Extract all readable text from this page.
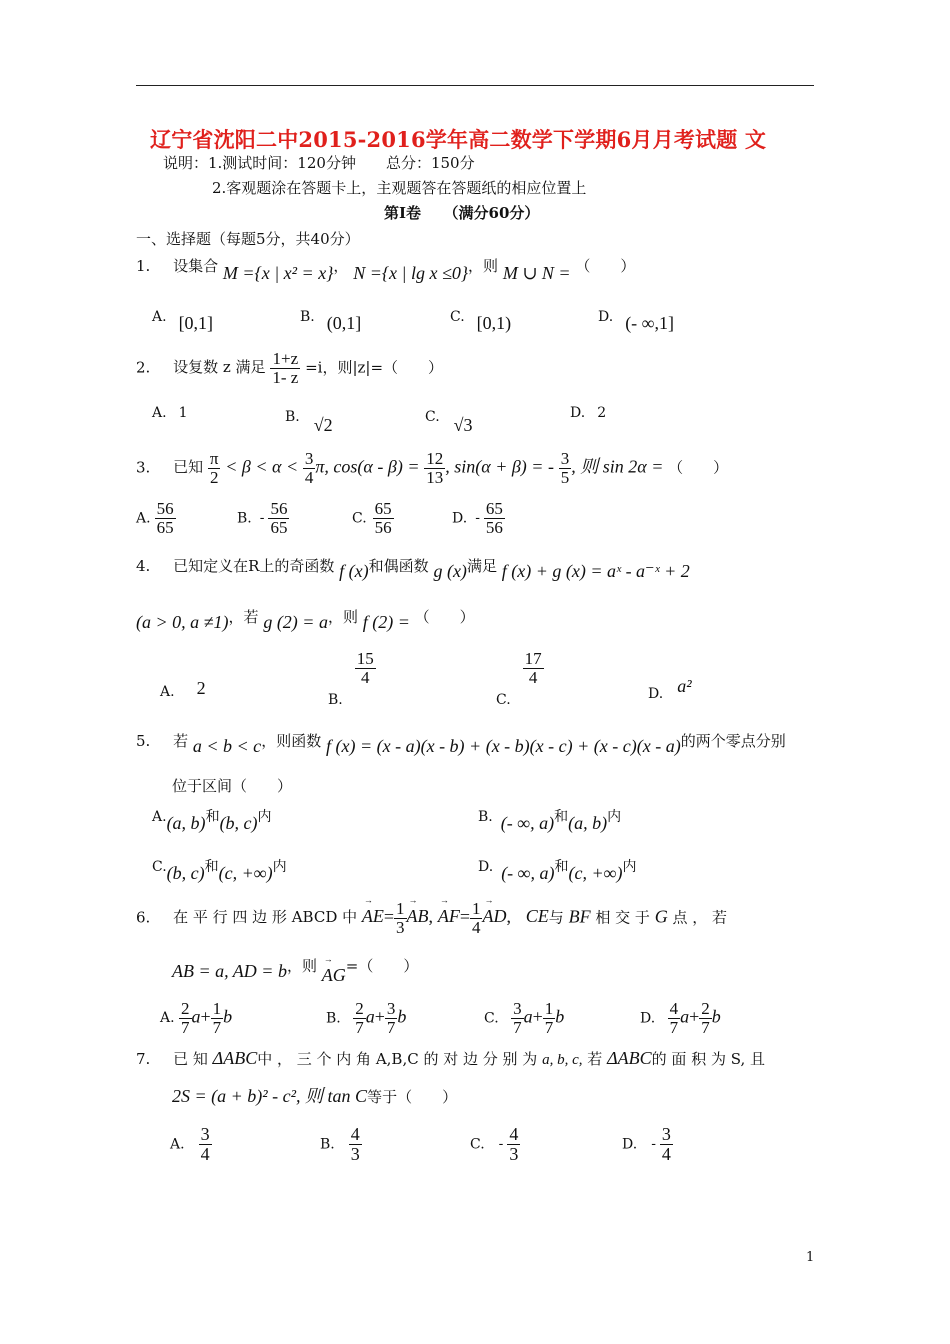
辽宁省沈阳二中2015-2016学年高二数学下学期6月月考试题 文
说明：1.测试时间：120分钟　　总分：150分
2.客观题涂在答题卡上，主观题答在答题纸的相应位置上
第Ⅰ卷　　（满分60分）
一、选择题（每题5分，共40分）
1. 设集合 M ={x | x² = x}， N ={x | lg x ≤0}，则 M ∪ N = （　　）
A. [0,1]	B. (0,1]	C. [0,1)	D. (- ∞,1]
2. 设复数 z 满足 $\frac{1+z}{1- z} =i$，则|z|=（　　）
A. 1	B. √2	C. √3
D. 2
3. 已知 $\frac{\pi}{2} < \beta < \alpha < \frac{3}{4} \pi$, $\cos(\alpha - \beta) = \frac{12}{13}$ , sin(α + β) = - $\frac{3}{5}$ , 则 sin 2α = （　　）
A. $\frac{56}{65}$	B. - $\frac{56}{65}$	C. $\frac{65}{56}$	D. - $\frac{65}{56}$
4. 已知定义在R上的奇函数 f (x)和偶函数 g (x)满足 f (x) + g (x) = aˣ - a⁻ˣ + 2
(a > 0, a ≠1)，若 g (2) = a，则 f (2) = （　　）
A. 2
B.
$\frac{15}{4}$
C.
$\frac{17}{4}$
D. a²
5. 若 a < b < c，则函数 f (x) = (x - a)(x - b) + (x - b)(x - c) + (x - c)(x - a)的两个零点分别
位于区间（　　）
A.(a, b)和(b, c)内	B. (- ∞, a)和(a, b)内
C.(b, c)和(c, +∞)内	D. (- ∞, a)和(c, +∞)内
6. 在 平 行 四 边 形 ABCD 中 → $AE= \frac{1}{3}$ → AB, → $AF= \frac{1}{4}$ → AD, CE与 BF 相 交 于 G 点 ， 若
AB = a, AD = b，则 → AG=（　　）
A. $\frac{2}{7} a+ \frac{1}{7}$ b	B. $\frac{2}{7} a+ \frac{3}{7}$ b	C. $\frac{3}{7} a+ \frac{1}{7}$ b	D. $\frac{4}{7} a+ \frac{2}{7}$ b
7. 已 知 ΔABC中 ， 三 个 内 角 A,B,C 的 对 边 分 别 为 a, b, c, 若 ΔABC的 面 积 为 S, 且
2S = (a + b)² - c², 则 tan C等于（　　）
A. $\frac{3}{4}$	B. $\frac{4}{3}$	C. - $\frac{4}{3}$	D. - $\frac{3}{4}$
1
